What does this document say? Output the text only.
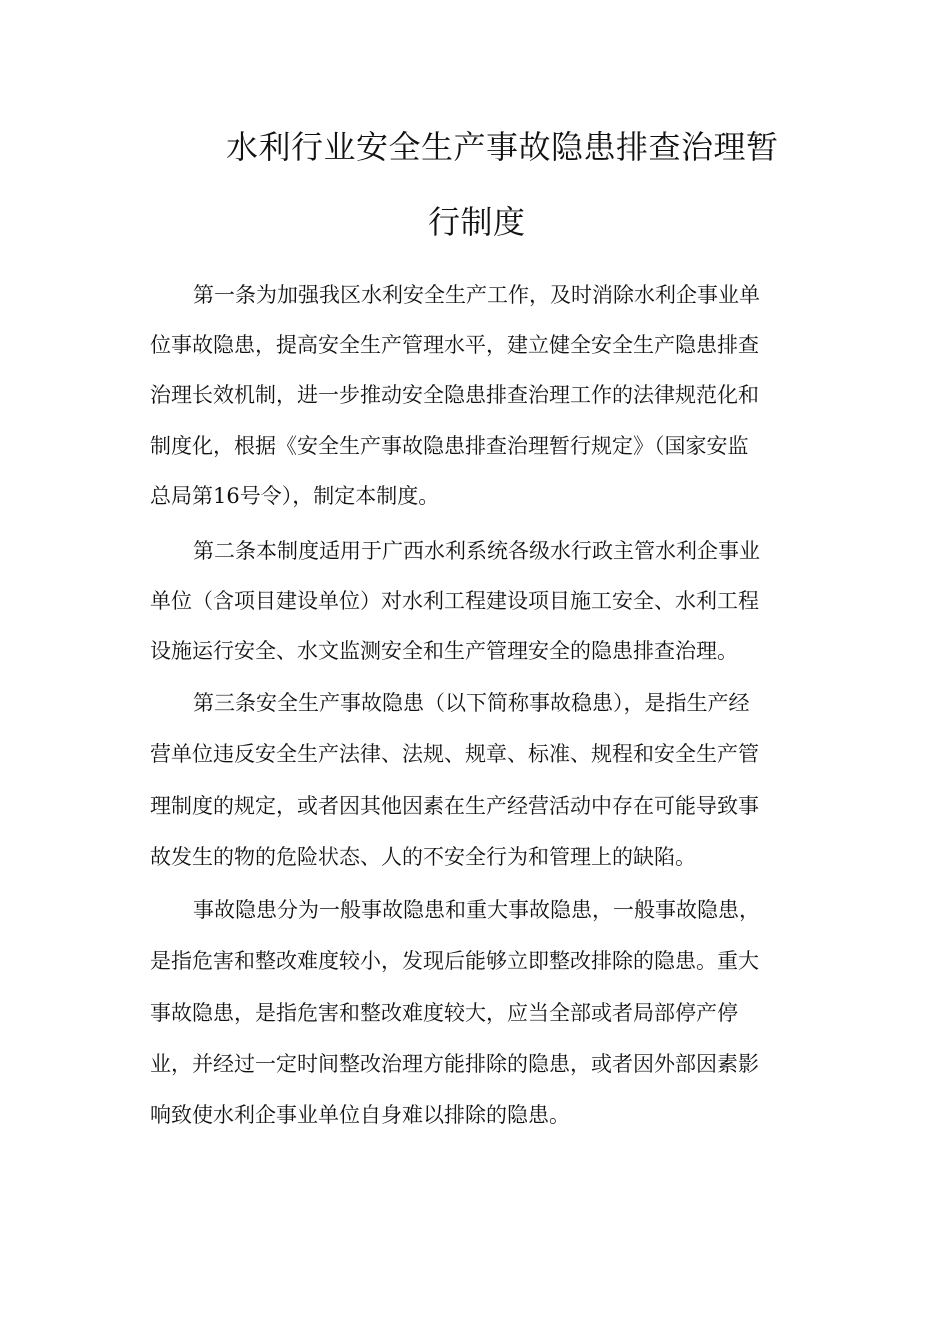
水利行业安全生产事故隐患排查治理暂
行制度
第一条为加强我区水利安全生产工作，及时消除水利企事业单
位事故隐患，提高安全生产管理水平，建立健全安全生产隐患排查
治理长效机制，进一步推动安全隐患排查治理工作的法律规范化和
制度化，根据《安全生产事故隐患排查治理暂行规定》（国家安监
总局第16号令），制定本制度。
第二条本制度适用于广西水利系统各级水行政主管水利企事业
单位（含项目建设单位）对水利工程建设项目施工安全、水利工程
设施运行安全、水文监测安全和生产管理安全的隐患排查治理。
第三条安全生产事故隐患（以下简称事故稳患），是指生产经
营单位违反安全生产法律、法规、规章、标准、规程和安全生产管
理制度的规定，或者因其他因素在生产经营活动中存在可能导致事
故发生的物的危险状态、人的不安全行为和管理上的缺陷。
事故隐患分为一般事故隐患和重大事故隐患，一般事故隐患，
是指危害和整改难度较小，发现后能够立即整改排除的隐患。重大
事故隐患，是指危害和整改难度较大，应当全部或者局部停产停
业，并经过一定时间整改治理方能排除的隐患，或者因外部因素影
响致使水利企事业单位自身难以排除的隐患。
